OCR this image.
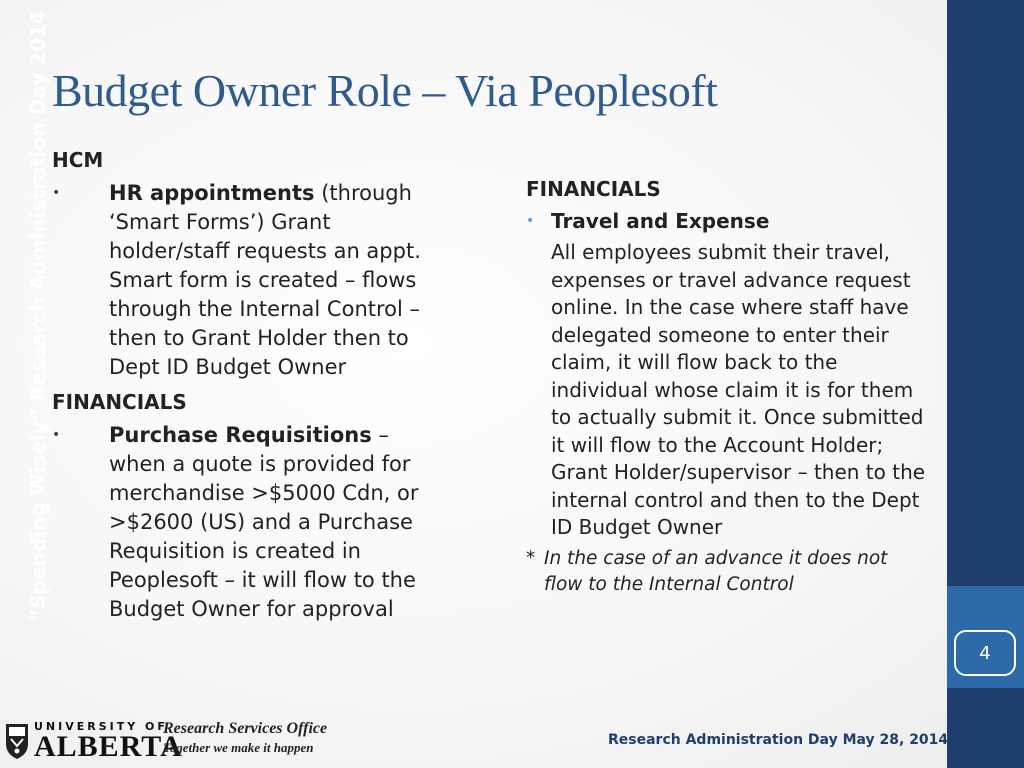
Budget Owner Role – Via Peoplesoft

HCM

•	HR appointments (through ‘Smart Forms’) Grant holder/staff requests an appt. Smart form is created – flows through the Internal Control – then to Grant Holder then to Dept ID Budget Owner

FINANCIALS

•	Purchase Requisitions – when a quote is provided for merchandise >$5000 Cdn, or >$2600 (US) and a Purchase Requisition is created in Peoplesoft – it will flow to the Budget Owner for approval

FINANCIALS

• Travel and Expense
All employees submit their travel, expenses or travel advance request online. In the case where staff have delegated someone to enter their claim, it will flow back to the individual whose claim it is for them to actually submit it. Once submitted it will flow to the Account Holder; Grant Holder/supervisor – then to the internal control and then to the Dept ID Budget Owner
* In the case of an advance it does not flow to the Internal Control
“Spending Wisely” Research Administration Day 2014
4
UNIVERSITY OF
ALBERTA
Research Services Office
Together we make it happen	Research Administration Day May 28, 2014
